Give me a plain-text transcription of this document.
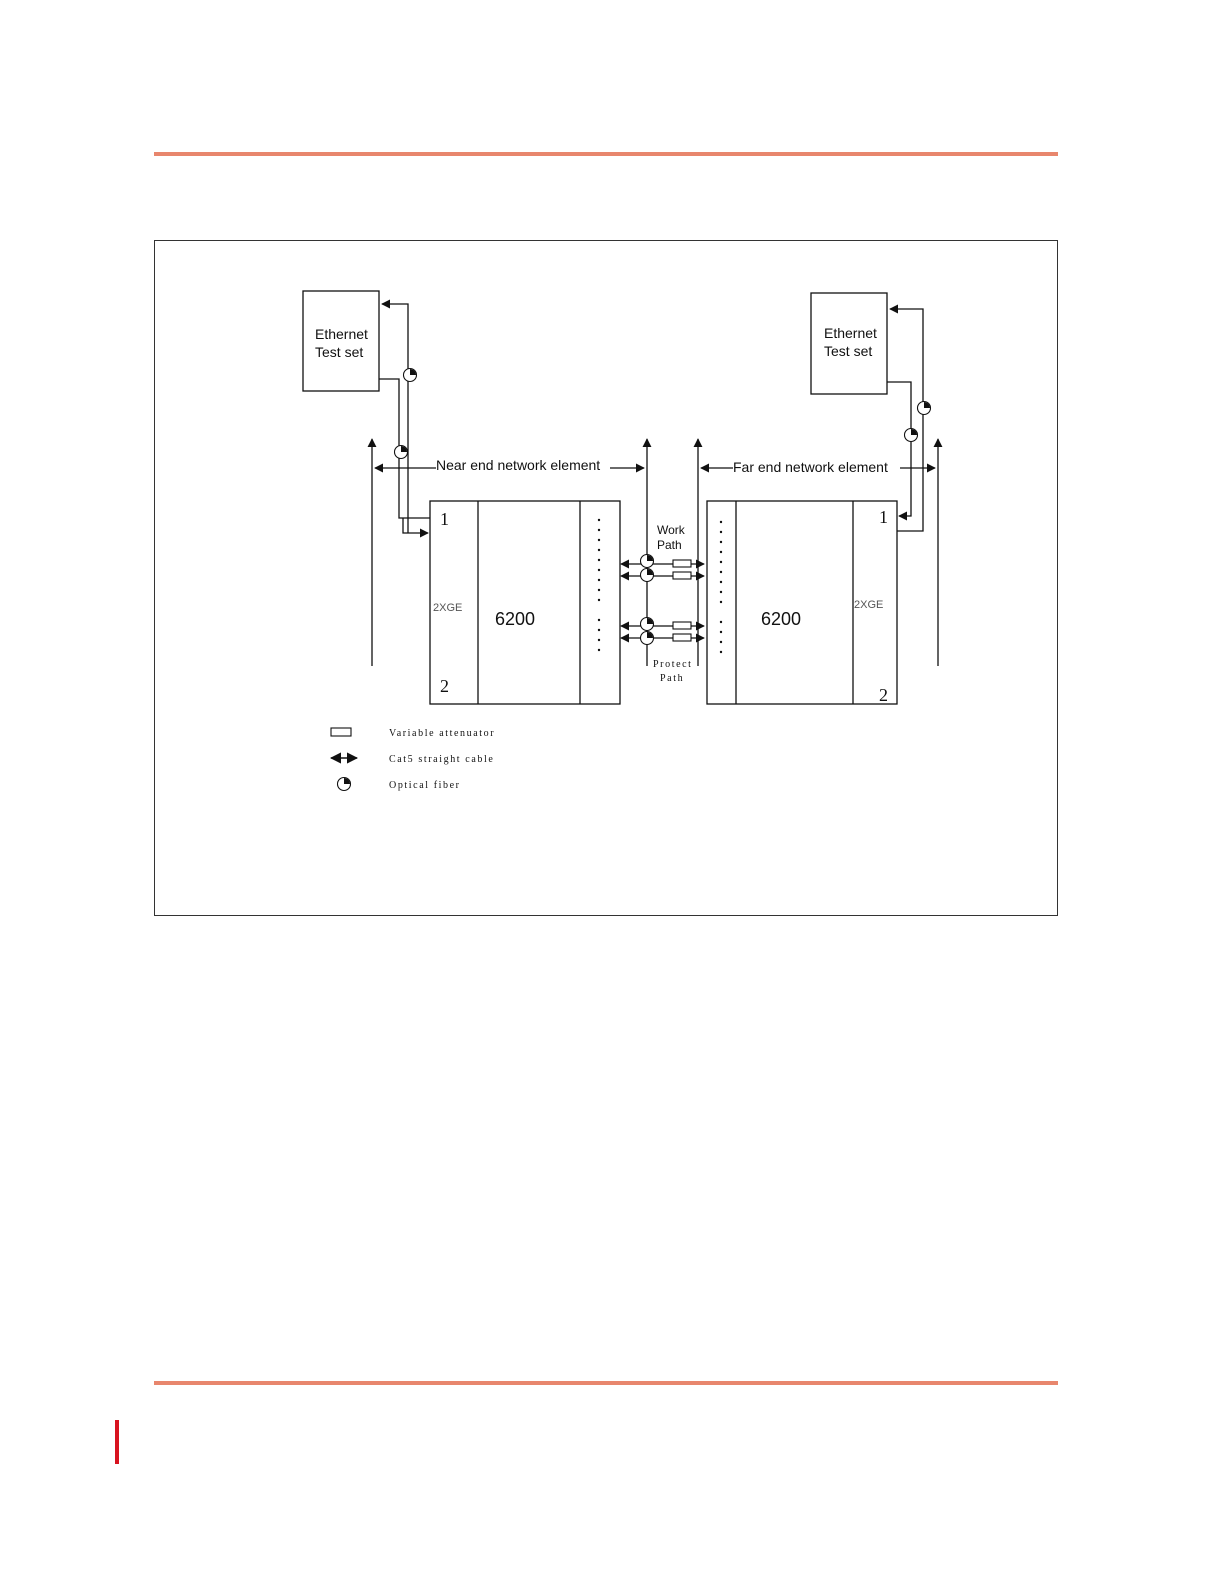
Ethernet
Test set
Ethernet
Test set
Near end network element	Far end network element
1
2
2XGE
6200
1
2
2XGE
6200
Work
Path
Protect
Path
Variable attenuator
Cat5 straight cable
Optical fiber
